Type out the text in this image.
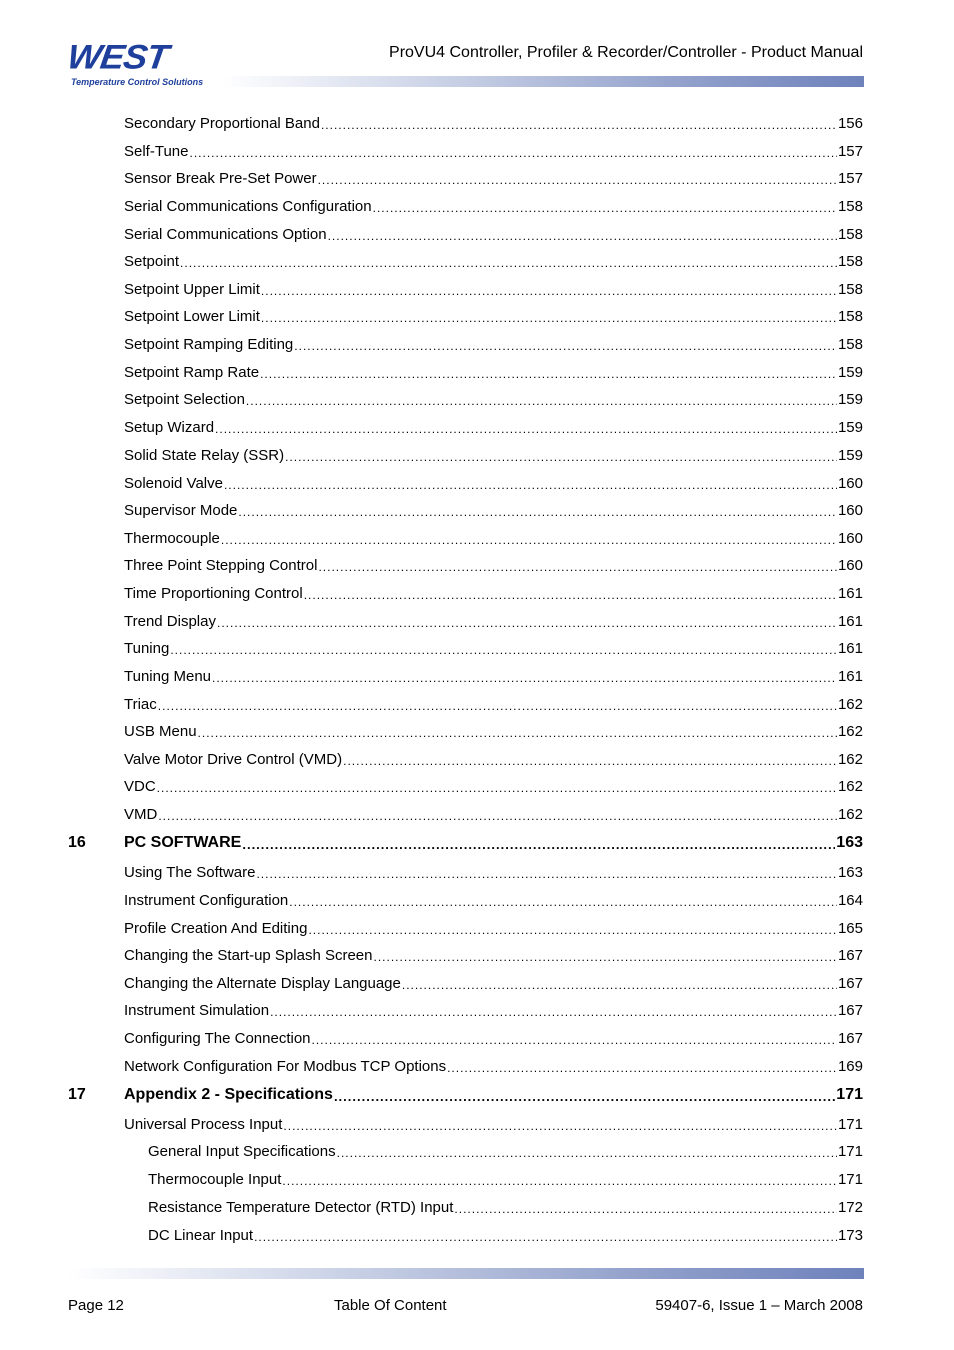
WEST
Temperature Control Solutions
ProVU4 Controller, Profiler & Recorder/Controller - Product Manual
Secondary Proportional Band .....	156
Self-Tune .....	157
Sensor Break Pre-Set Power .....	157
Serial Communications Configuration .....	158
Serial Communications Option .....	158
Setpoint .....	158
Setpoint Upper Limit .....	158
Setpoint Lower Limit .....	158
Setpoint Ramping Editing .....	158
Setpoint Ramp Rate .....	159
Setpoint Selection .....	159
Setup Wizard .....	159
Solid State Relay (SSR) .....	159
Solenoid Valve .....	160
Supervisor Mode .....	160
Thermocouple .....	160
Three Point Stepping Control .....	160
Time Proportioning Control .....	161
Trend Display .....	161
Tuning .....	161
Tuning Menu .....	161
Triac .....	162
USB Menu .....	162
Valve Motor Drive Control (VMD) .....	162
VDC .....	162
VMD .....	162
16 PC SOFTWARE .....	163
Using The Software .....	163
Instrument Configuration .....	164
Profile Creation And Editing .....	165
Changing the Start-up Splash Screen .....	167
Changing the Alternate Display Language .....	167
Instrument Simulation .....	167
Configuring The Connection .....	167
Network Configuration For Modbus TCP Options .....	169
17 Appendix 2 - Specifications .....	171
Universal Process Input .....	171
General Input Specifications .....	171
Thermocouple Input .....	171
Resistance Temperature Detector (RTD) Input .....	172
DC Linear Input .....	173
Page 12	Table Of Content	59407-6, Issue 1 – March 2008
